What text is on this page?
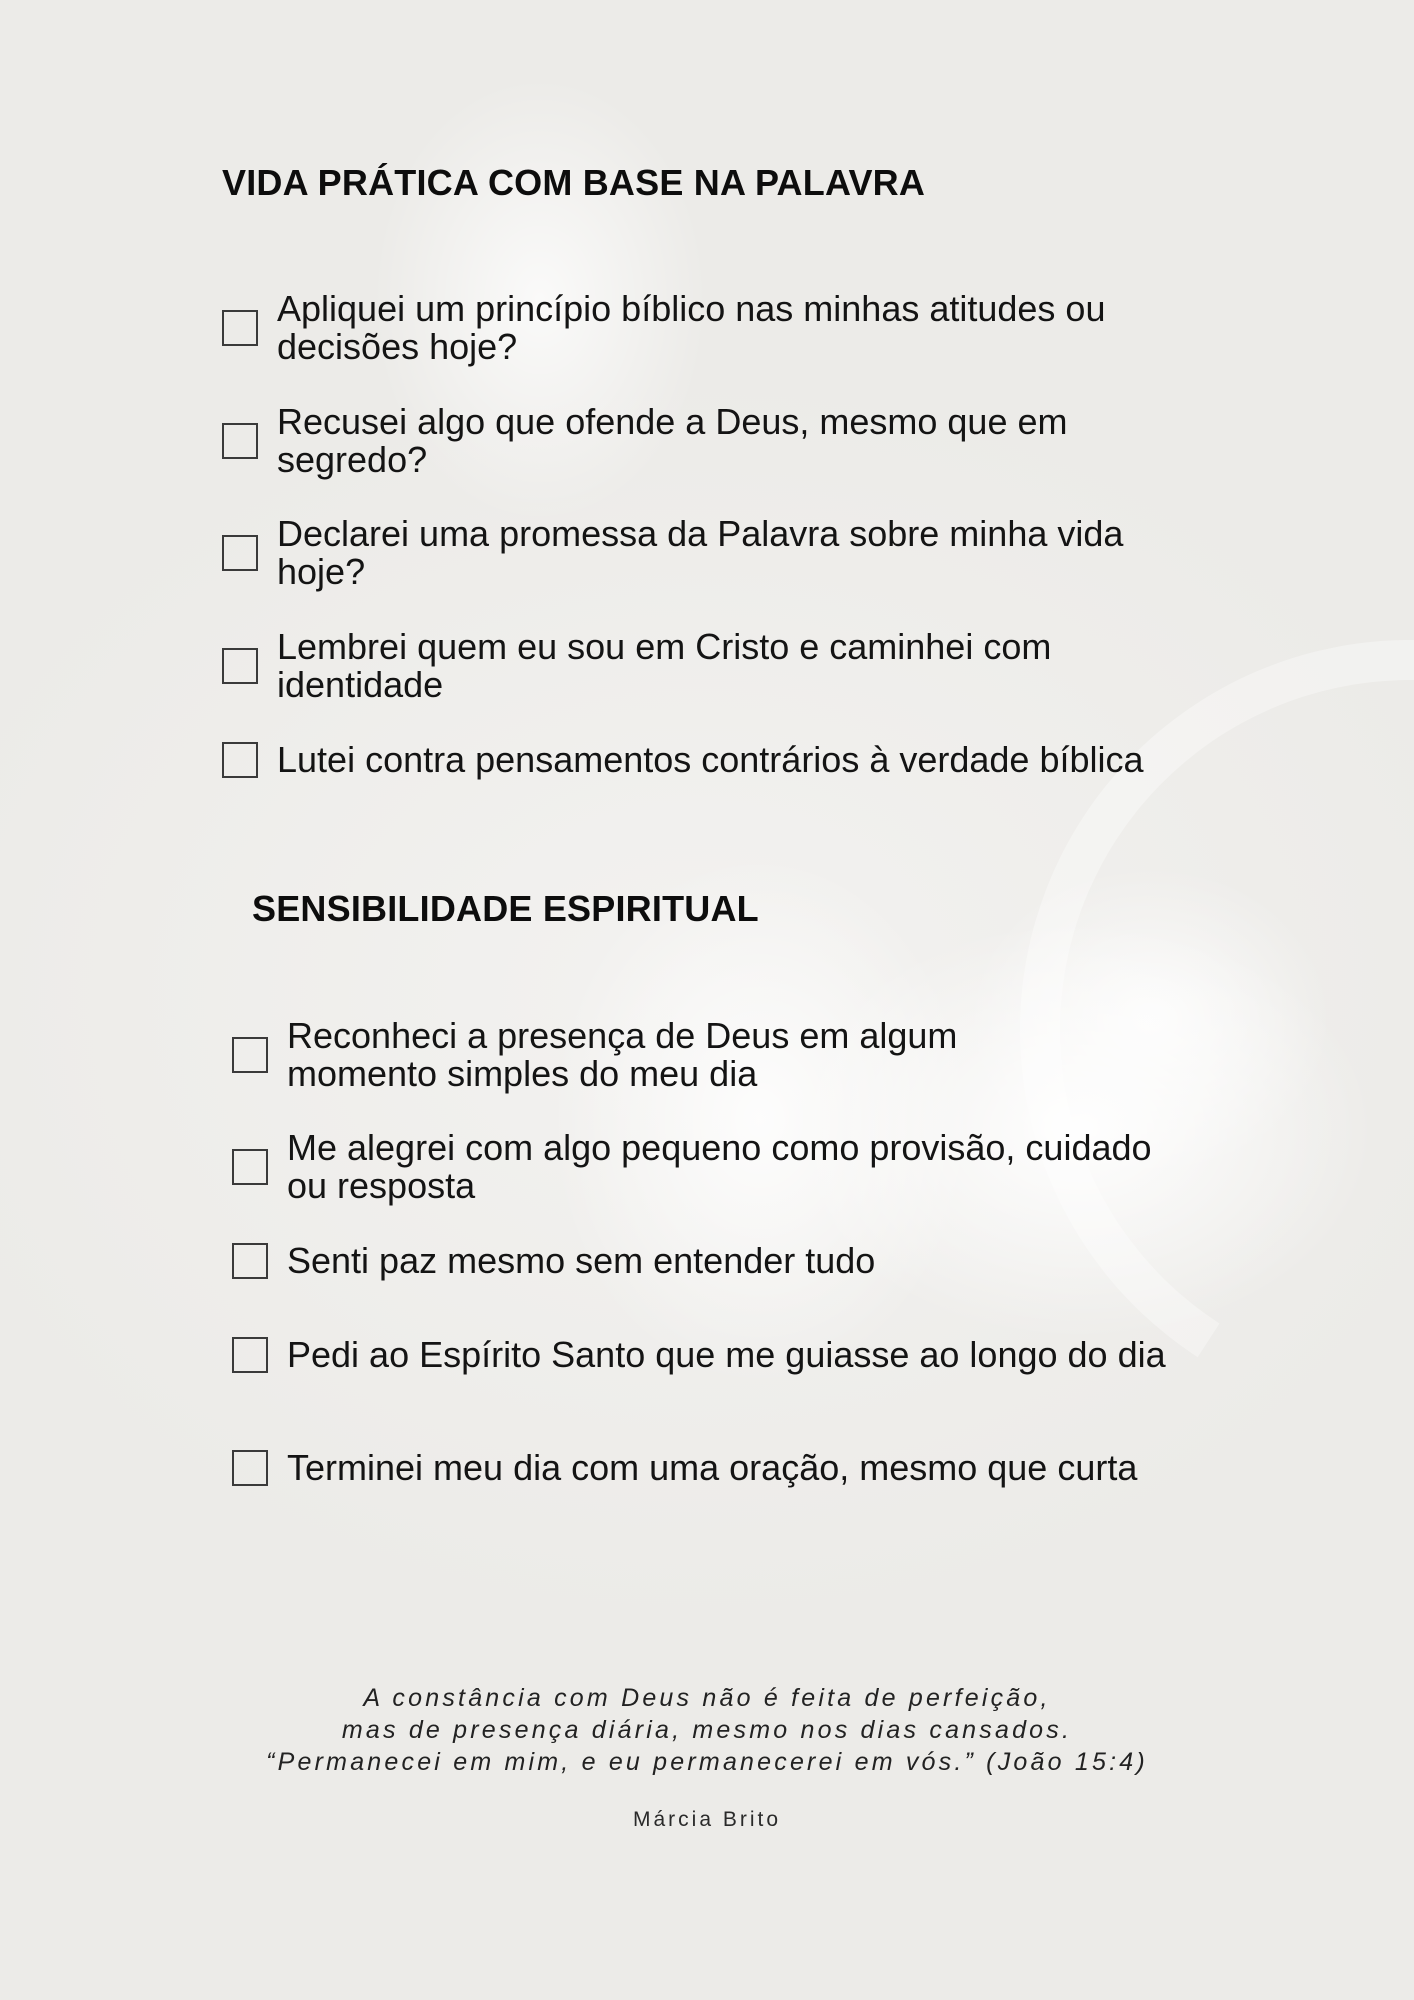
VIDA PRÁTICA COM BASE NA PALAVRA
Apliquei um princípio bíblico nas minhas atitudes ou decisões hoje?
Recusei algo que ofende a Deus, mesmo que em segredo?
Declarei uma promessa da Palavra sobre minha vida hoje?
Lembrei quem eu sou em Cristo e caminhei com identidade
Lutei contra pensamentos contrários à verdade bíblica
SENSIBILIDADE ESPIRITUAL
Reconheci a presença de Deus em algum momento simples do meu dia
Me alegrei com algo pequeno como provisão, cuidado ou resposta
Senti paz mesmo sem entender tudo
Pedi ao Espírito Santo que me guiasse ao longo do dia
Terminei meu dia com uma oração, mesmo que curta
A constância com Deus não é feita de perfeição,
mas de presença diária, mesmo nos dias cansados.
“Permanecei em mim, e eu permanecerei em vós.” (João 15:4)
Márcia Brito
